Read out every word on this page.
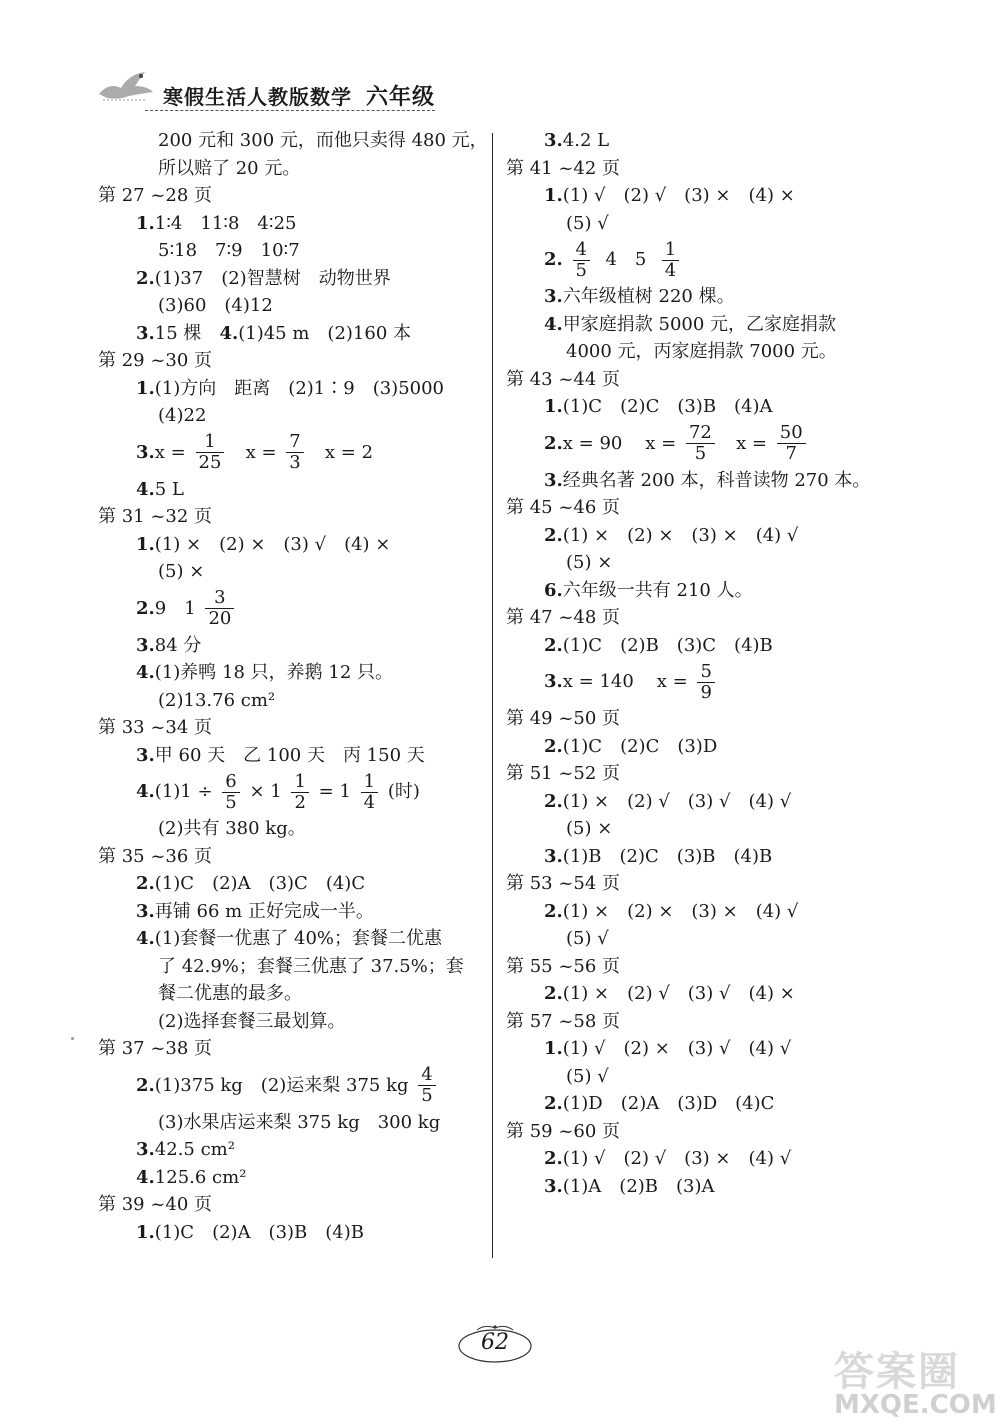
寒假生活人教版数学 六年级
200 元和 300 元，而他只卖得 480 元，
所以赔了 20 元。
第 27 ~28 页
1.1∶4　11∶8　4∶25
5∶18　7∶9　10∶7
2.(1)37　(2)智慧树　动物世界
(3)60　(4)12
3.15 棵　4.(1)45 m　(2)160 本
第 29 ~30 页
1.(1)方向　距离　(2)1∶9　(3)5000
(4)22
$3.x = \frac{1}{25}$ $x = \frac{7}{3}$ x = 2
4.5 L
第 31 ~32 页
1.(1) ×　(2) ×　(3) √　(4) ×
(5) ×
2.9　$1 \frac{3}{20}$
3.84 分
4.(1)养鸭 18 只，养鹅 12 只。
(2)13.76 cm²
第 33 ~34 页
3.甲 60 天　乙 100 天　丙 150 天
$4.(1)1 \div \frac{6}{5} \times 1 \frac{1}{2} = 1 \frac{1}{4}$ (时)
(2)共有 380 kg。
第 35 ~36 页
2.(1)C　(2)A　(3)C　(4)C
3.再铺 66 m 正好完成一半。
4.(1)套餐一优惠了 40%；套餐二优惠
了 42.9%；套餐三优惠了 37.5%；套
餐二优惠的最多。
(2)选择套餐三最划算。
第 37 ~38 页
2.(1)375 kg　(2)运来梨 375 kg $\frac{4}{5}$
(3)水果店运来梨 375 kg　300 kg
3.42.5 cm²
4.125.6 cm²
第 39 ~40 页
1.(1)C　(2)A　(3)B　(4)B
3.4.2 L
第 41 ~42 页
1.(1) √　(2) √　(3) ×　(4) ×
(5) √
2. $\frac{4}{5} 4$　$5 \frac{1}{4}$
3.六年级植树 220 棵。
4.甲家庭捐款 5000 元，乙家庭捐款
4000 元，丙家庭捐款 7000 元。
第 43 ~44 页
1.(1)C　(2)C　(3)B　(4)A
2.x = 90 $x = \frac{72}{5}$ $x = \frac{50}{7}$
3.经典名著 200 本，科普读物 270 本。
第 45 ~46 页
2.(1) ×　(2) ×　(3) ×　(4) √
(5) ×
6.六年级一共有 210 人。
第 47 ~48 页
2.(1)C　(2)B　(3)C　(4)B
3.x = 140 $x = \frac{5}{9}$
第 49 ~50 页
2.(1)C　(2)C　(3)D
第 51 ~52 页
2.(1) ×　(2) √　(3) √　(4) √
(5) ×
3.(1)B　(2)C　(3)B　(4)B
第 53 ~54 页
2.(1) ×　(2) ×　(3) ×　(4) √
(5) √
第 55 ~56 页
2.(1) ×　(2) √　(3) √　(4) ×
第 57 ~58 页
1.(1) √　(2) ×　(3) √　(4) √
(5) √
2.(1)D　(2)A　(3)D　(4)C
第 59 ~60 页
2.(1) √　(2) √　(3) ×　(4) √
3.(1)A　(2)B　(3)A
62
答案圈
MXQE.COM
